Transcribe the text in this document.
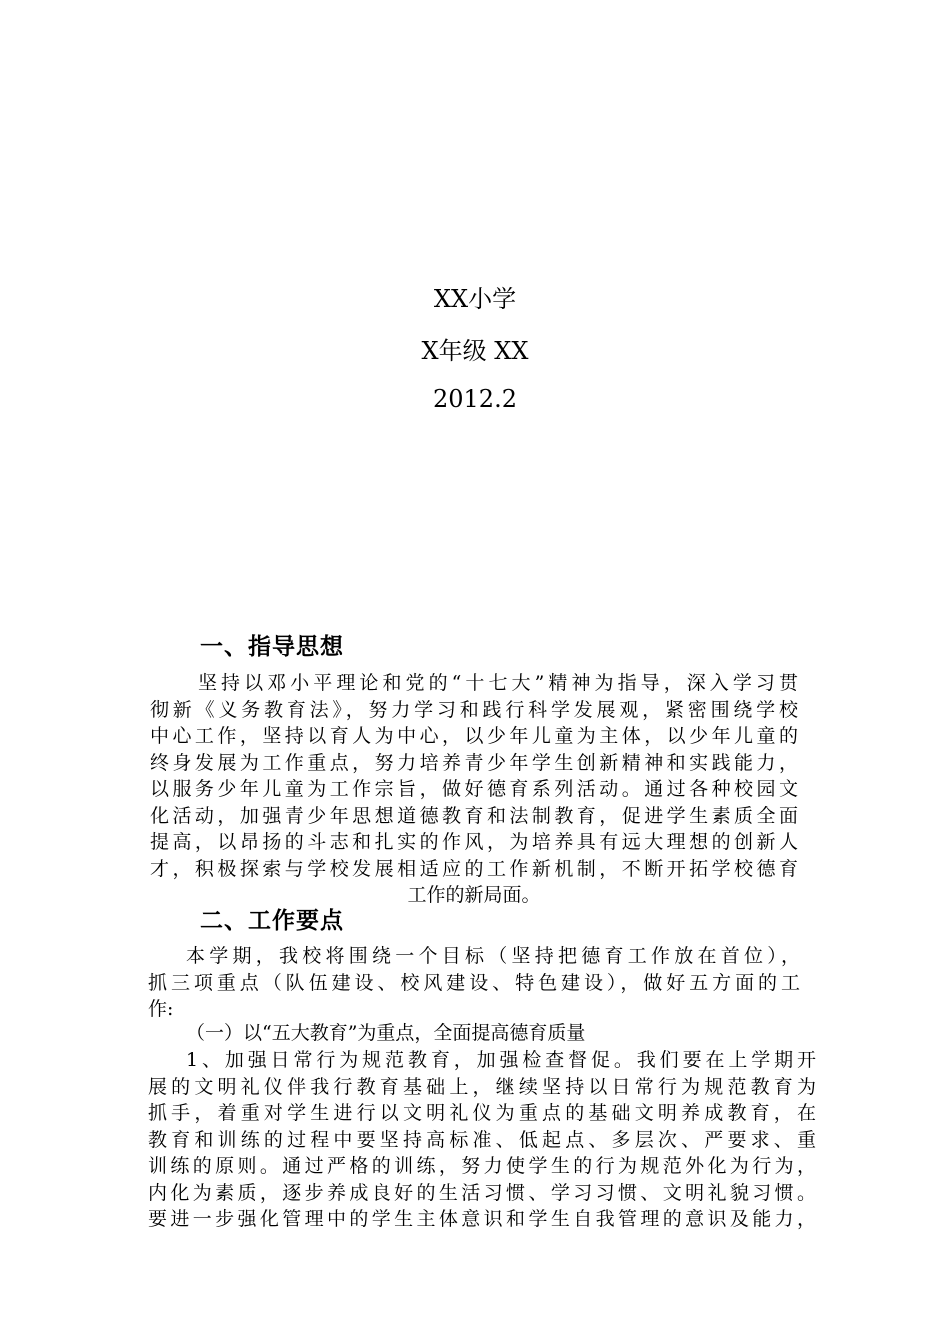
XX小学
X年级 XX
2012.2
一、指导思想
坚持以邓小平理论和党的“十七大”精神为指导，深入学习贯
彻新《义务教育法》，努力学习和践行科学发展观，紧密围绕学校
中心工作，坚持以育人为中心，以少年儿童为主体，以少年儿童的
终身发展为工作重点，努力培养青少年学生创新精神和实践能力，
以服务少年儿童为工作宗旨，做好德育系列活动。通过各种校园文
化活动，加强青少年思想道德教育和法制教育，促进学生素质全面
提高，以昂扬的斗志和扎实的作风，为培养具有远大理想的创新人
才，积极探索与学校发展相适应的工作新机制，不断开拓学校德育
工作的新局面。
二、工作要点
本学期，我校将围绕一个目标（坚持把德育工作放在首位），
抓三项重点（队伍建设、校风建设、特色建设），做好五方面的工
作:
（一）以“五大教育”为重点，全面提高德育质量
1、加强日常行为规范教育，加强检查督促。我们要在上学期开
展的文明礼仪伴我行教育基础上，继续坚持以日常行为规范教育为
抓手，着重对学生进行以文明礼仪为重点的基础文明养成教育，在
教育和训练的过程中要坚持高标准、低起点、多层次、严要求、重
训练的原则。通过严格的训练，努力使学生的行为规范外化为行为，
内化为素质，逐步养成良好的生活习惯、学习习惯、文明礼貌习惯。
要进一步强化管理中的学生主体意识和学生自我管理的意识及能力，
